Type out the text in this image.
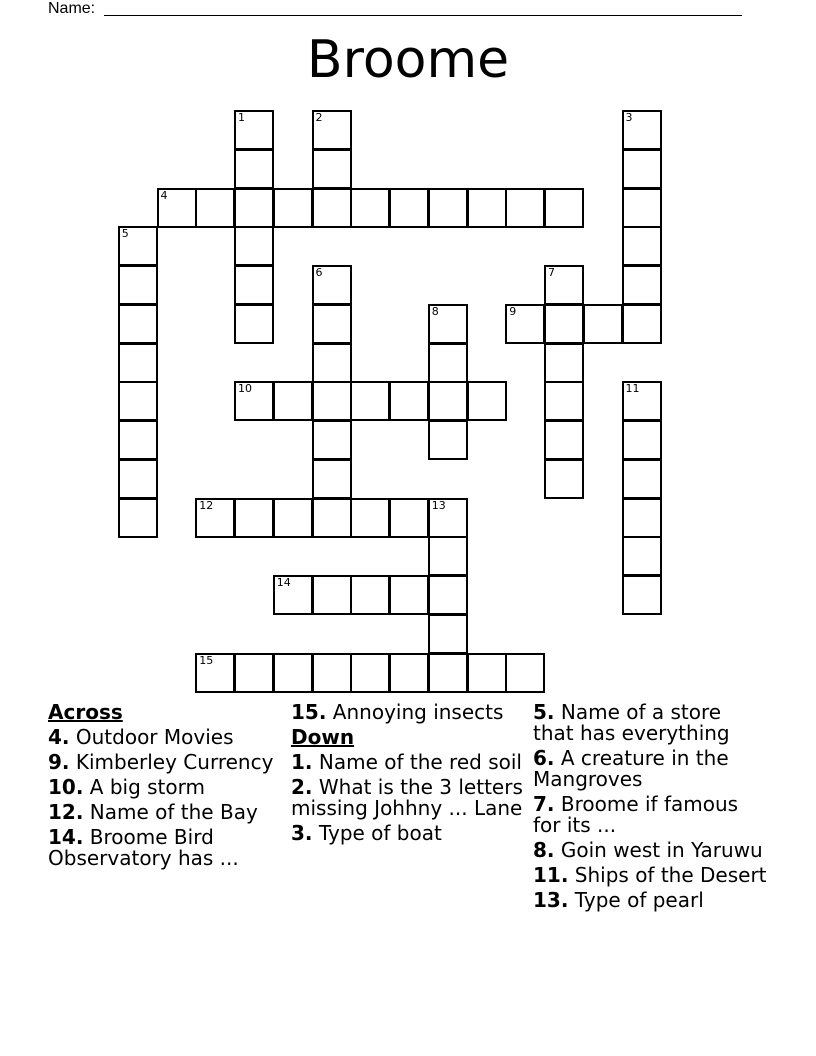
Name:
Broome
1	2	3
4
5
6	7
8	9
10	11
12	13
14
15
Across
4. Outdoor Movies
9. Kimberley Currency
10. A big storm
12. Name of the Bay
14. Broome Bird Observatory has ...
15. Annoying insects
Down
1. Name of the red soil
2. What is the 3 letters missing Johhny ... Lane
3. Type of boat
5. Name of a store that has everything
6. A creature in the Mangroves
7. Broome if famous for its ...
8. Goin west in Yaruwu
11. Ships of the Desert
13. Type of pearl
